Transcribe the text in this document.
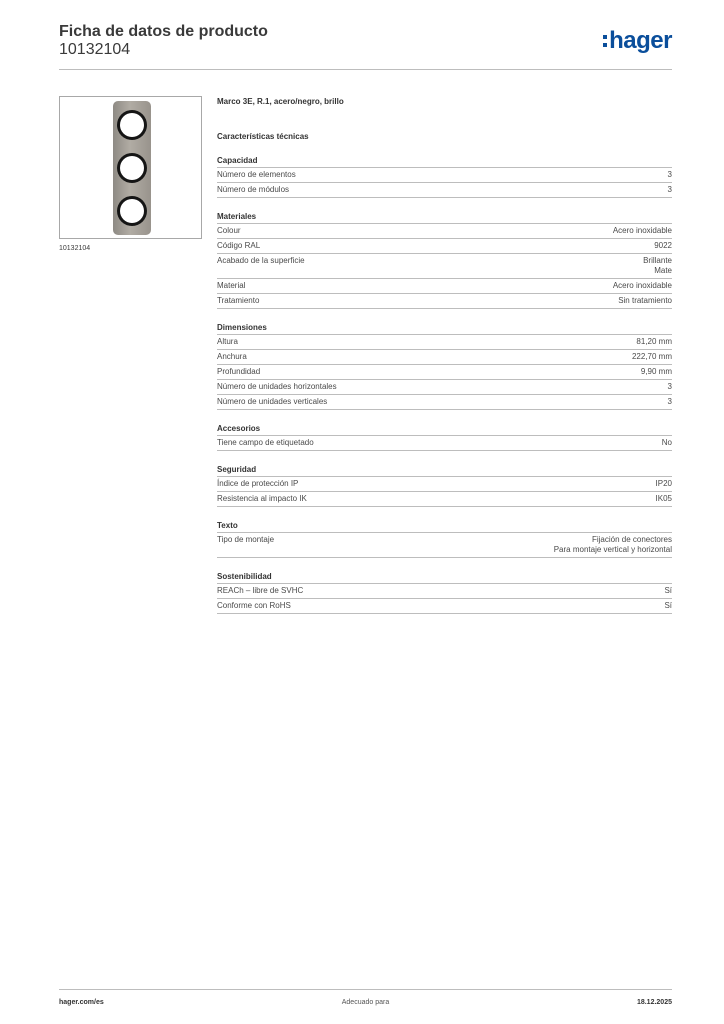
Ficha de datos de producto
10132104	hager
10132104
Marco 3E, R.1, acero/negro, brillo
Características técnicas
Capacidad
Número de elementos	3
Número de módulos	3
Materiales
Colour	Acero inoxidable
Código RAL	9022
Acabado de la superficie	Brillante
Mate
Material	Acero inoxidable
Tratamiento	Sin tratamiento
Dimensiones
Altura	81,20 mm
Anchura	222,70 mm
Profundidad	9,90 mm
Número de unidades horizontales	3
Número de unidades verticales	3
Accesorios
Tiene campo de etiquetado	No
Seguridad
Índice de protección IP	IP20
Resistencia al impacto IK	IK05
Texto
Tipo de montaje	Fijación de conectores
Para montaje vertical y horizontal
Sostenibilidad
REACh – libre de SVHC	Sí
Conforme con RoHS	Sí
hager.com/es	Adecuado para	18.12.2025
